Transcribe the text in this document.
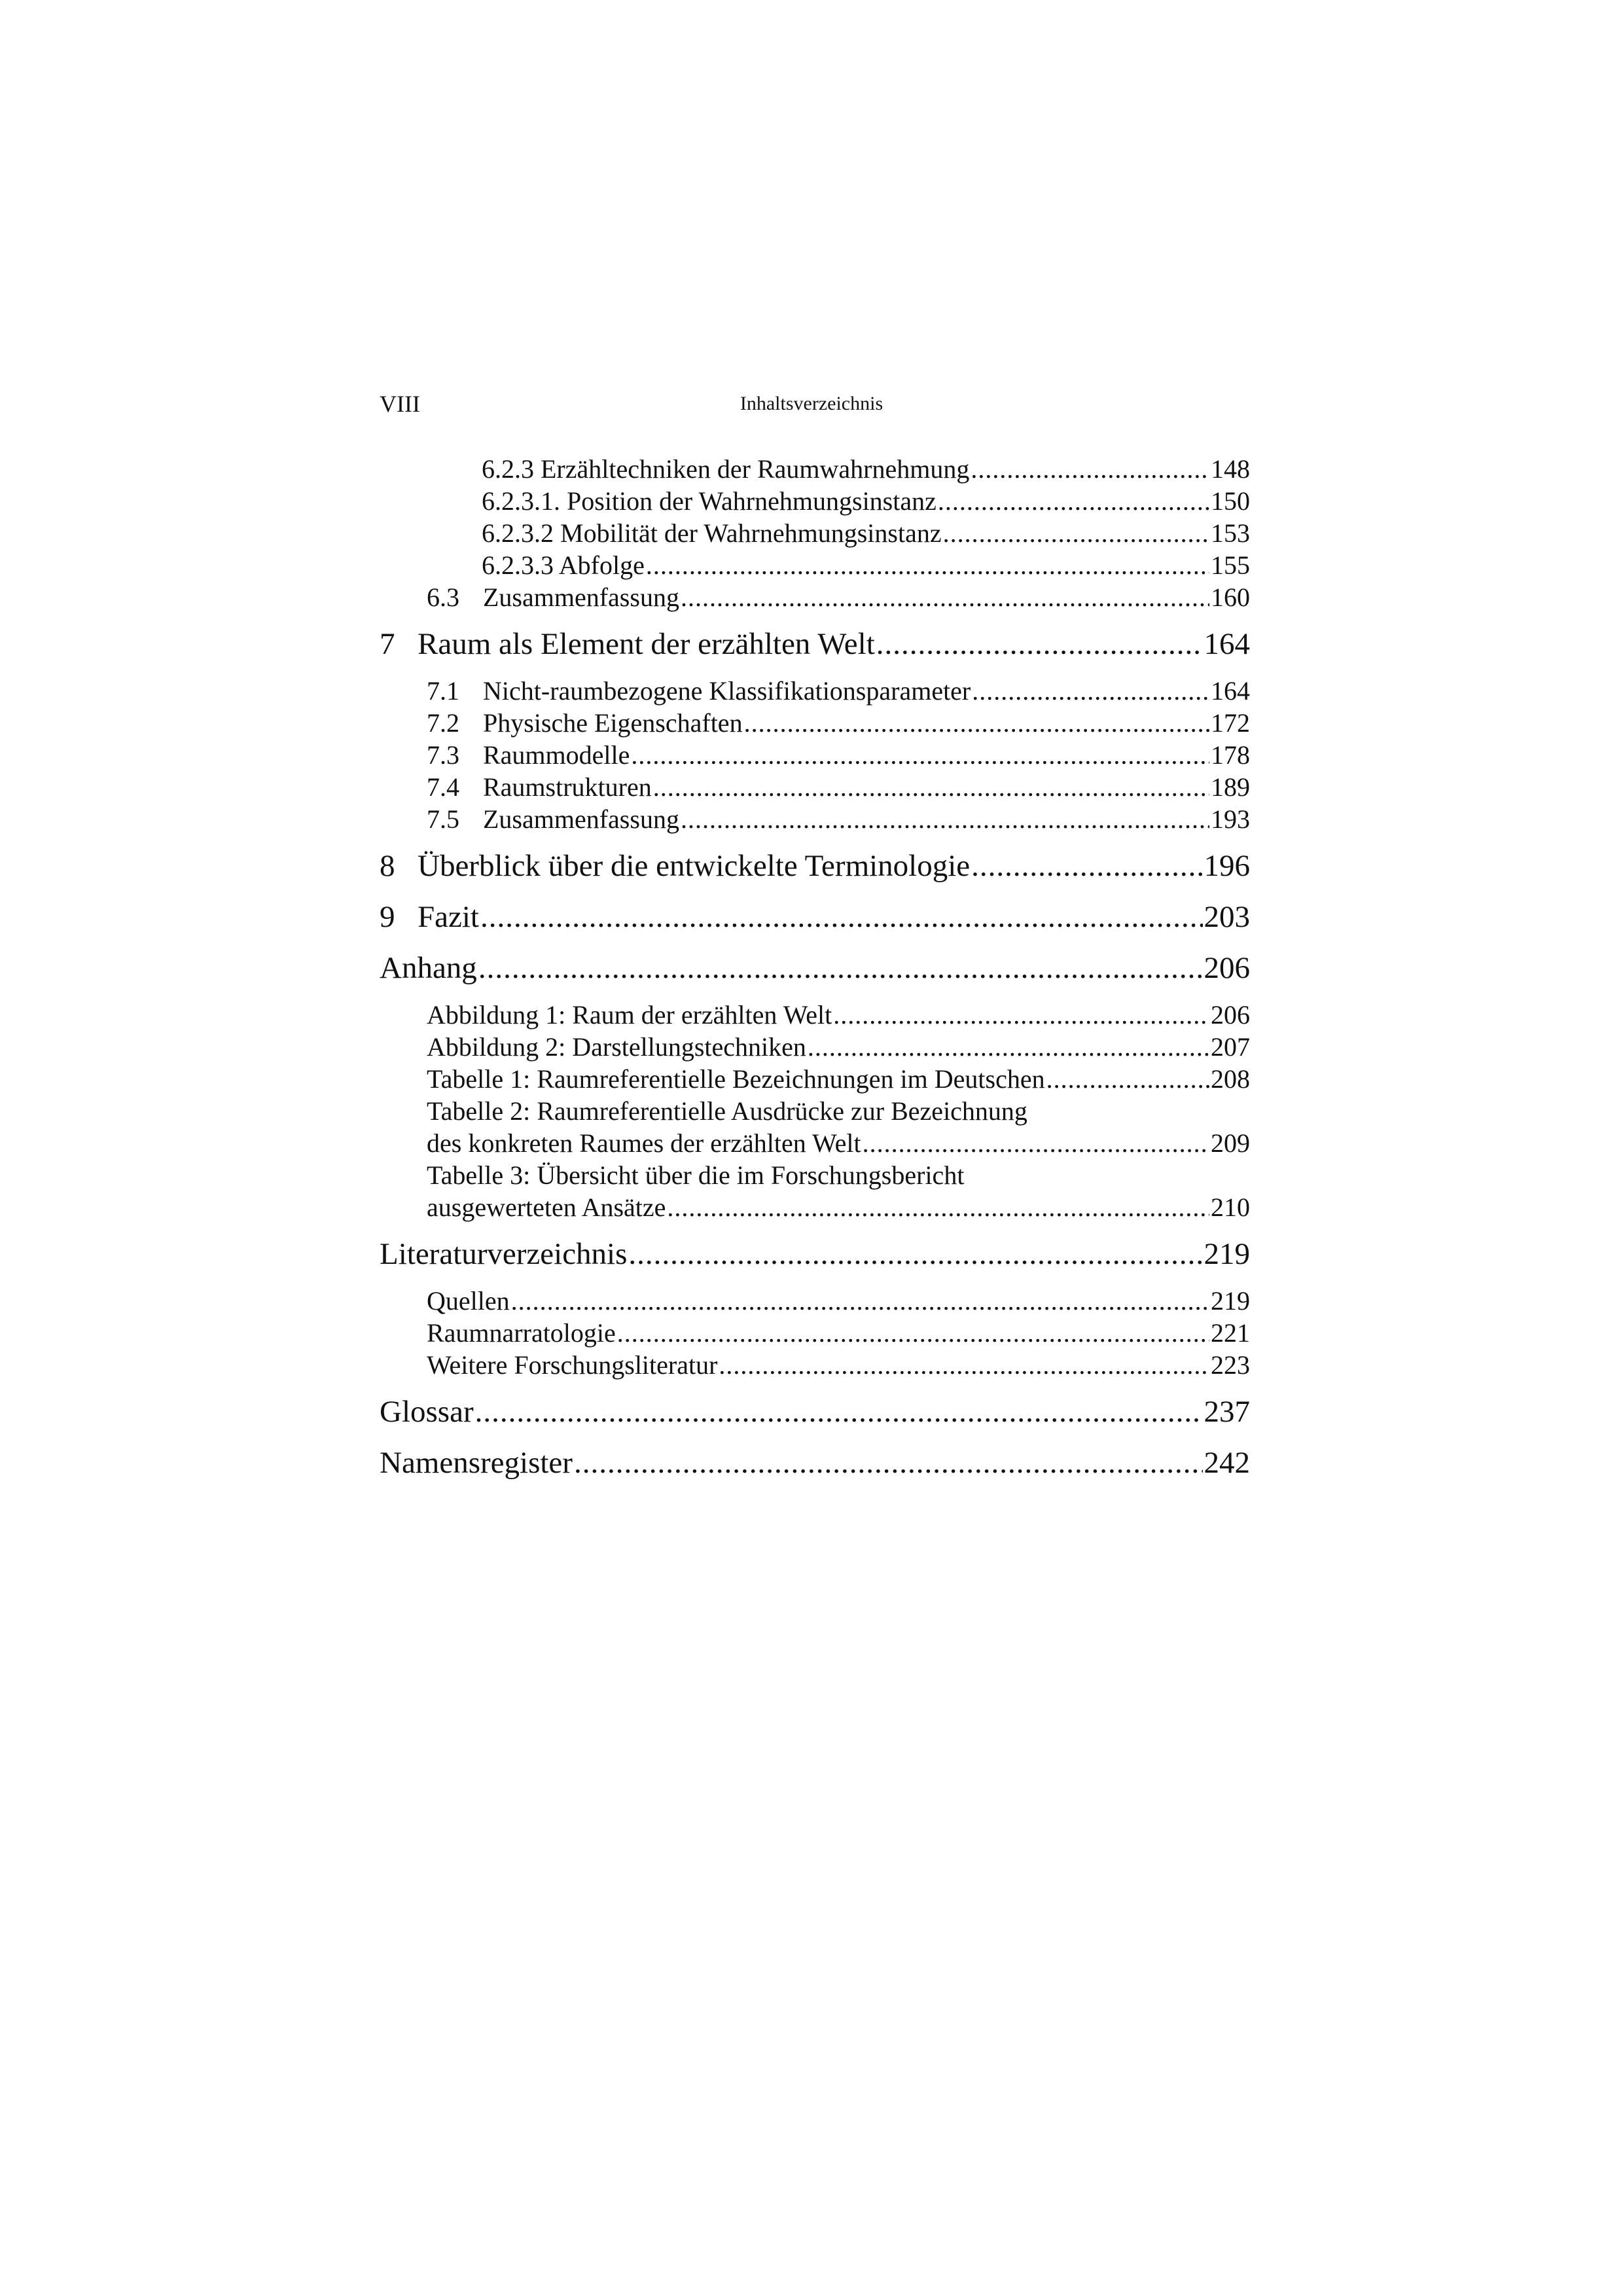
VIII	Inhaltsverzeichnis
6.2.3 Erzähltechniken der Raumwahrnehmung .....	148
6.2.3.1. Position der Wahrnehmungsinstanz .....	150
6.2.3.2 Mobilität der Wahrnehmungsinstanz .....	153
6.2.3.3 Abfolge .....	155
6.3 Zusammenfassung .....	160
7 Raum als Element der erzählten Welt .....	164
7.1 Nicht-raumbezogene Klassifikationsparameter .....	164
7.2 Physische Eigenschaften .....	172
7.3 Raummodelle .....	178
7.4 Raumstrukturen .....	189
7.5 Zusammenfassung .....	193
8 Überblick über die entwickelte Terminologie .....	196
9 Fazit .....	203
Anhang .....	206
Abbildung 1: Raum der erzählten Welt .....	206
Abbildung 2: Darstellungstechniken .....	207
Tabelle 1: Raumreferentielle Bezeichnungen im Deutschen .....	208
Tabelle 2: Raumreferentielle Ausdrücke zur Bezeichnung
des konkreten Raumes der erzählten Welt .....	209
Tabelle 3: Übersicht über die im Forschungsbericht
ausgewerteten Ansätze .....	210
Literaturverzeichnis .....	219
Quellen .....	219
Raumnarratologie .....	221
Weitere Forschungsliteratur .....	223
Glossar .....	237
Namensregister .....	242
